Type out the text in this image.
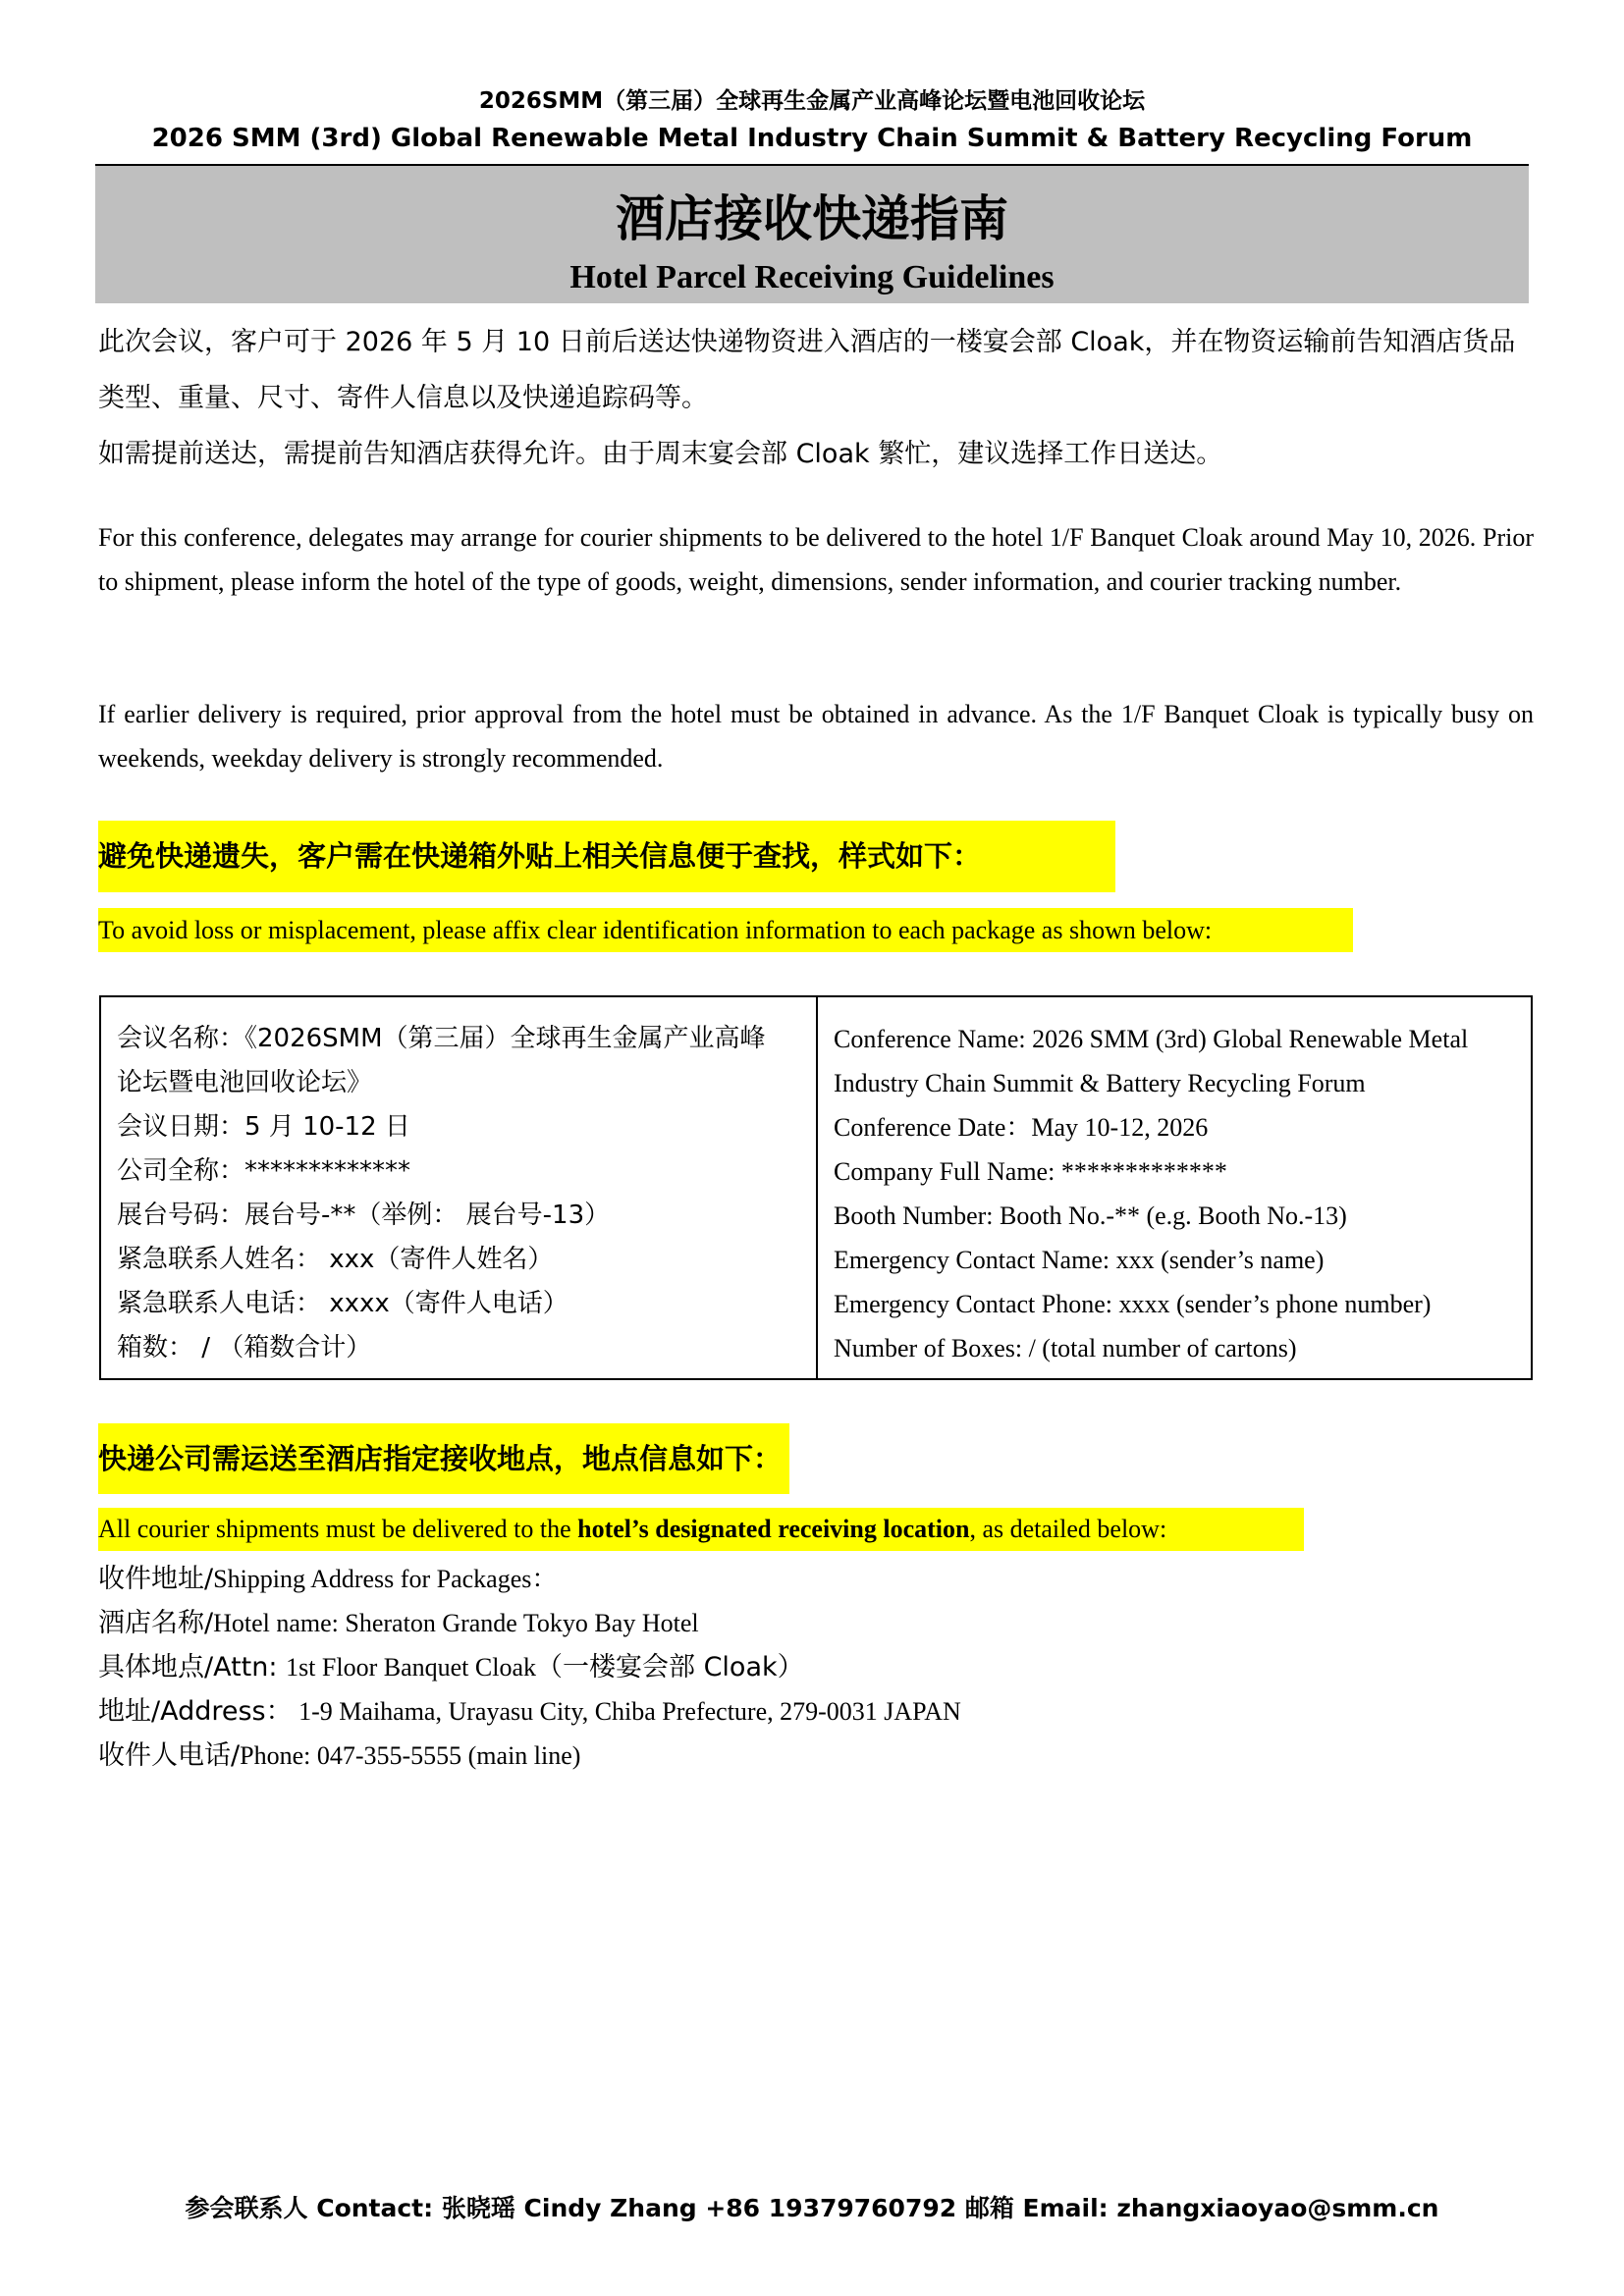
2026SMM（第三届）全球再生金属产业高峰论坛暨电池回收论坛
2026 SMM (3rd) Global Renewable Metal Industry Chain Summit & Battery Recycling Forum
酒店接收快递指南
Hotel Parcel Receiving Guidelines
此次会议，客户可于 2026 年 5 月 10 日前后送达快递物资进入酒店的一楼宴会部 Cloak，并在物资运输前告知酒店货品类型、重量、尺寸、寄件人信息以及快递追踪码等。
如需提前送达，需提前告知酒店获得允许。由于周末宴会部 Cloak 繁忙，建议选择工作日送达。
For this conference, delegates may arrange for courier shipments to be delivered to the hotel 1/F Banquet Cloak around May 10, 2026. Prior to shipment, please inform the hotel of the type of goods, weight, dimensions, sender information, and courier tracking number.
If earlier delivery is required, prior approval from the hotel must be obtained in advance. As the 1/F Banquet Cloak is typically busy on weekends, weekday delivery is strongly recommended.
避免快递遗失，客户需在快递箱外贴上相关信息便于查找，样式如下：
To avoid loss or misplacement, please affix clear identification information to each package as shown below:
会议名称：《2026SMM（第三届）全球再生金属产业高峰
论坛暨电池回收论坛》
会议日期：5 月 10-12 日
公司全称：*************
展台号码：展台号-**（举例： 展台号-13）
紧急联系人姓名： xxx（寄件人姓名）
紧急联系人电话： xxxx（寄件人电话）
箱数： / （箱数合计）
Conference Name: 2026 SMM (3rd) Global Renewable Metal
Industry Chain Summit & Battery Recycling Forum
Conference Date：May 10-12, 2026
Company Full Name: *************
Booth Number: Booth No.-** (e.g. Booth No.-13)
Emergency Contact Name: xxx (sender’s name)
Emergency Contact Phone: xxxx (sender’s phone number)
Number of Boxes: / (total number of cartons)
快递公司需运送至酒店指定接收地点，地点信息如下：
All courier shipments must be delivered to the hotel’s designated receiving location, as detailed below:
收件地址/Shipping Address for Packages：
酒店名称/Hotel name: Sheraton Grande Tokyo Bay Hotel
具体地点/Attn: 1st Floor Banquet Cloak（一楼宴会部 Cloak）
地址/Address： 1-9 Maihama, Urayasu City, Chiba Prefecture, 279-0031 JAPAN
收件人电话/Phone: 047-355-5555 (main line)
参会联系人 Contact: 张晓瑶 Cindy Zhang +86 19379760792 邮箱 Email: zhangxiaoyao@smm.cn
